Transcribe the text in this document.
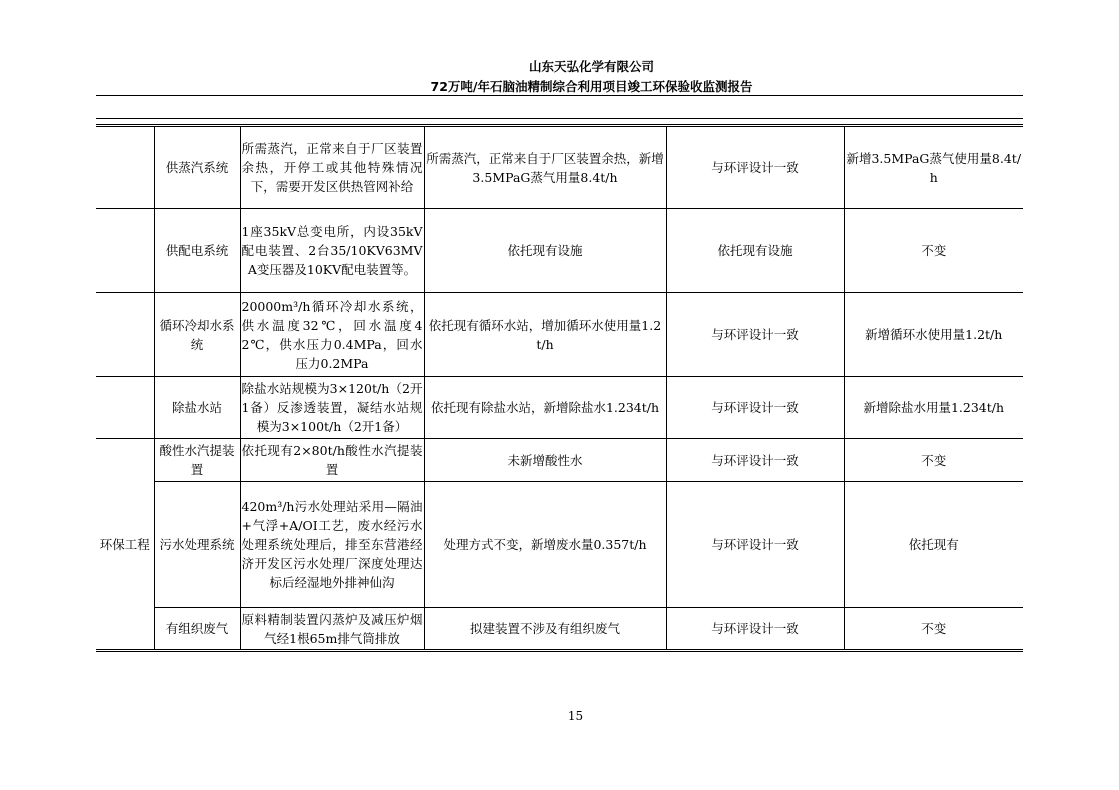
山东天弘化学有限公司
72万吨/年石脑油精制综合利用项目竣工环保验收监测报告
	供蒸汽系统	所需蒸汽，正常来自于厂区装置余热，开停工或其他特殊情况下，需要开发区供热管网补给	所需蒸汽，正常来自于厂区装置余热，新增3.5MPaG蒸气用量8.4t/h	与环评设计一致	新增3.5MPaG蒸气使用量8.4t/h
	供配电系统	1座35kV总变电所，内设35kV配电装置、2台35/10KV63MVA变压器及10KV配电装置等。	依托现有设施	依托现有设施	不变
	循环冷却水系统	20000m³/h循环冷却水系统，供水温度32℃，回水温度42℃，供水压力0.4MPa，回水压力0.2MPa	依托现有循环水站，增加循环水使用量1.2t/h	与环评设计一致	新增循环水使用量1.2t/h
	除盐水站	除盐水站规模为3×120t/h（2开1备）反渗透装置，凝结水站规模为3×100t/h（2开1备）	依托现有除盐水站，新增除盐水1.234t/h	与环评设计一致	新增除盐水用量1.234t/h
环保工程	酸性水汽提装置	依托现有2×80t/h酸性水汽提装置	未新增酸性水	与环评设计一致	不变
	污水处理系统	420m³/h污水处理站采用—隔油+气浮+A/OI工艺，废水经污水处理系统处理后，排至东营港经济开发区污水处理厂深度处理达标后经湿地外排神仙沟	处理方式不变，新增废水量0.357t/h	与环评设计一致	依托现有
	有组织废气	原料精制装置闪蒸炉及减压炉烟气经1根65m排气筒排放	拟建装置不涉及有组织废气	与环评设计一致	不变
15
